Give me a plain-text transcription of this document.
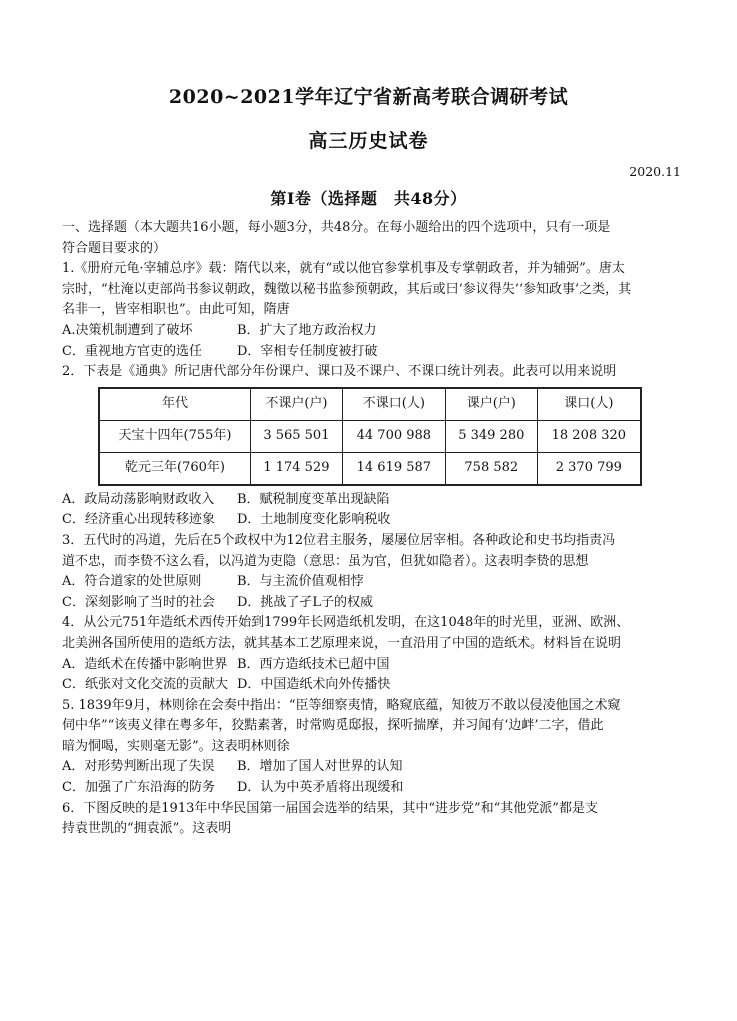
2020~2021学年辽宁省新高考联合调研考试
高三历史试卷
2020.11
第Ⅰ卷（选择题　共48分）

一、选择题（本大题共16小题，每小题3分，共48分。在每小题给出的四个选项中，只有一项是

符合题目要求的）

1.《册府元龟·宰辅总序》载：隋代以来，就有“或以他官参掌机事及专掌朝政者，并为辅弼”。唐太

宗时，“杜淹以吏部尚书参议朝政，魏徵以秘书监参预朝政，其后或曰‘参议得失’‘参知政事’之类，其

名非一，皆宰相职也”。由此可知，隋唐

A.决策机制遭到了破坏	B．扩大了地方政治权力
C．重视地方官吏的选任	D．宰相专任制度被打破

2．下表是《通典》所记唐代部分年份课户、课口及不课户、不课口统计列表。此表可以用来说明

年代	不课户(户)	不课口(人)	课户(户)	课口(人)
天宝十四年(755年)	3 565 501	44 700 988	5 349 280	18 208 320
乾元三年(760年)	1 174 529	14 619 587	758 582	2 370 799
A．政局动荡影响财政收入	B．赋税制度变革出现缺陷
C．经济重心出现转移迹象	D．土地制度变化影响税收

3．五代时的冯道，先后在5个政权中为12位君主服务，屡屡位居宰相。各种政论和史书均指责冯

道不忠，而李贽不这么看，以冯道为吏隐（意思：虽为官，但犹如隐者）。这表明李贽的思想

A．符合道家的处世原则	B．与主流价值观相悖
C．深刻影响了当时的社会	D．挑战了孑L子的权威

4．从公元751年造纸术西传开始到1799年长网造纸机发明，在这1048年的时光里，亚洲、欧洲、

北美洲各国所使用的造纸方法，就其基本工艺原理来说，一直沿用了中国的造纸术。材料旨在说明

A．造纸术在传播中影响世界 B．西方造纸技术已超中国
C．纸张对文化交流的贡献大 D．中国造纸术向外传播快

5. 1839年9月，林则徐在会奏中指出：“臣等细察夷情，略窥底蕴，知彼万不敢以侵凌他国之术窥

伺中华”“该夷义律在粤多年，狡黠素著，时常购觅邸报，探听揣摩，并习闻有‘边衅’二字，借此

暗为恫喝，实则毫无影”。这表明林则徐

A．对形势判断出现了失误	B．增加了国人对世界的认知
C．加强了广东沿海的防务	D．认为中英矛盾将出现缓和

6．下图反映的是1913年中华民国第一届国会选举的结果，其中“进步党”和“其他党派”都是支

持袁世凯的“拥袁派”。这表明
